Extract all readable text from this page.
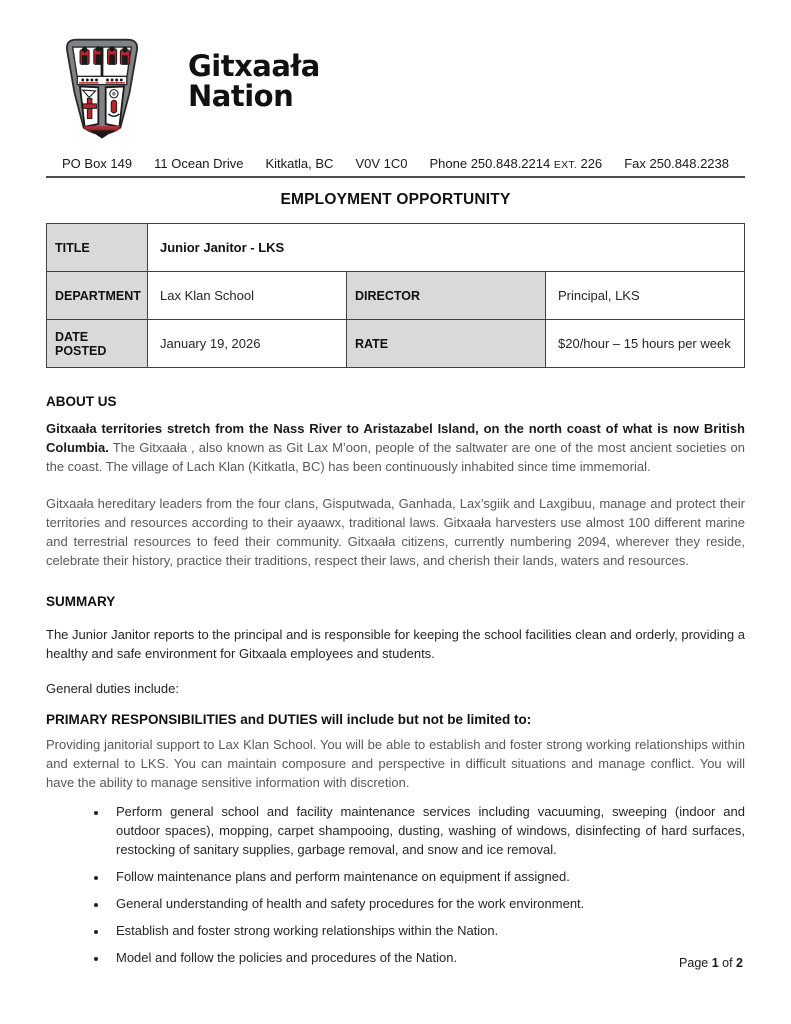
Gitxaała
Nation
PO Box 149 11 Ocean Drive Kitkatla, BC V0V 1C0 Phone 250.848.2214 EXT. 226 Fax 250.848.2238
EMPLOYMENT OPPORTUNITY
TITLE	Junior Janitor - LKS		
DEPARTMENT	Lax Klan School	DIRECTOR	Principal, LKS
DATE POSTED	January 19, 2026	RATE	$20/hour – 15 hours per week
ABOUT US

Gitxaała territories stretch from the Nass River to Aristazabel Island, on the north coast of what is now British Columbia. The Gitxaała , also known as Git Lax M’oon, people of the saltwater are one of the most ancient societies on the coast. The village of Lach Klan (Kitkatla, BC) has been continuously inhabited since time immemorial.

Gitxaała hereditary leaders from the four clans, Gisputwada, Ganhada, Lax’sgiik and Laxgibuu, manage and protect their territories and resources according to their ayaawx, traditional laws. Gitxaała harvesters use almost 100 different marine and terrestrial resources to feed their community. Gitxaała citizens, currently numbering 2094, wherever they reside, celebrate their history, practice their traditions, respect their laws, and cherish their lands, waters and resources.

SUMMARY

The Junior Janitor reports to the principal and is responsible for keeping the school facilities clean and orderly, providing a healthy and safe environment for Gitxaala employees and students.

General duties include:

PRIMARY RESPONSIBILITIES and DUTIES will include but not be limited to:

Providing janitorial support to Lax Klan School. You will be able to establish and foster strong working relationships within and external to LKS. You can maintain composure and perspective in difficult situations and manage conflict. You will have the ability to manage sensitive information with discretion.

• Perform general school and facility maintenance services including vacuuming, sweeping (indoor and outdoor spaces), mopping, carpet shampooing, dusting, washing of windows, disinfecting of hard surfaces, restocking of sanitary supplies, garbage removal, and snow and ice removal.
• Follow maintenance plans and perform maintenance on equipment if assigned.
• General understanding of health and safety procedures for the work environment.
• Establish and foster strong working relationships within the Nation.
• Model and follow the policies and procedures of the Nation.	Page 1 of 2
